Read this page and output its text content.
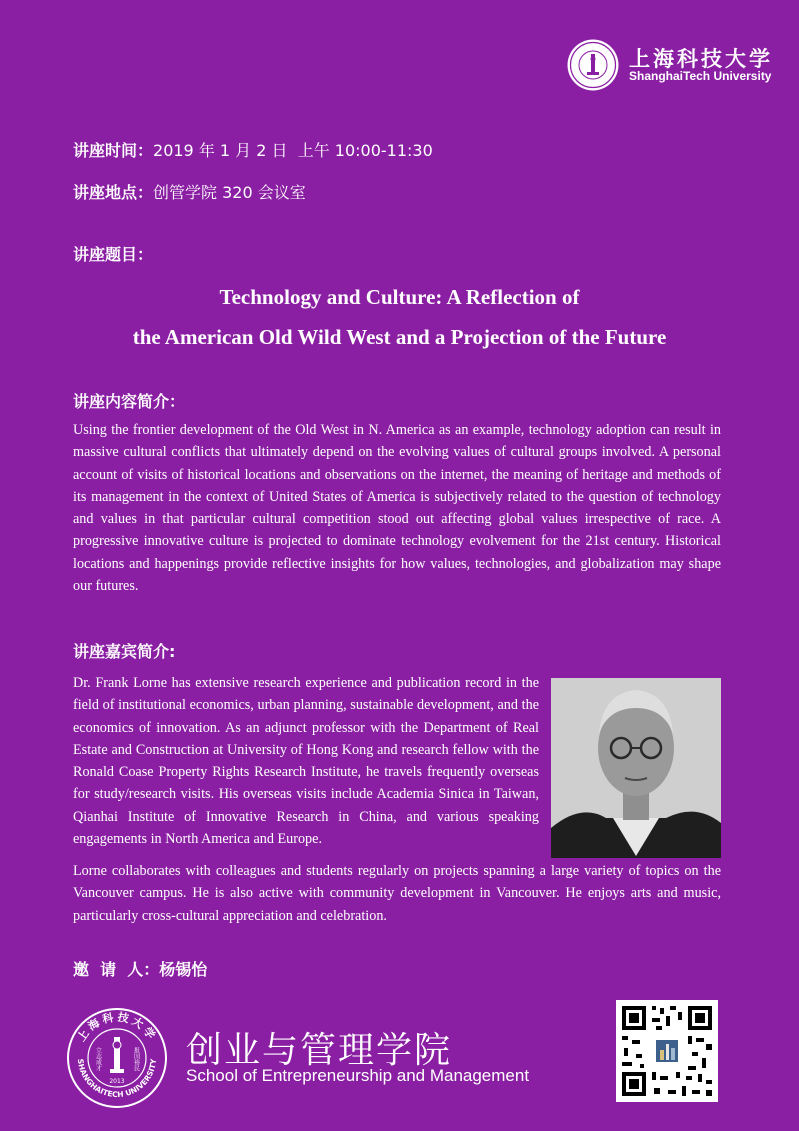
上海科技大学
ShanghaiTech University
讲座时间：2019 年 1 月 2 日  上午 10:00-11:30
讲座地点：创管学院 320 会议室
讲座题目：
Technology and Culture: A Reflection of
the American Old Wild West and a Projection of the Future
讲座内容简介：
Using the frontier development of the Old West in N. America as an example, technology adoption can result in massive cultural conflicts that ultimately depend on the evolving values of cultural groups involved. A personal account of visits of historical locations and observations on the internet, the meaning of heritage and methods of its management in the context of United States of America is subjectively related to the question of technology and values in that particular cultural competition stood out affecting global values irrespective of race. A progressive innovative culture is projected to dominate technology evolvement for the 21st century. Historical locations and happenings provide reflective insights for how values, technologies, and globalization may shape our futures.
讲座嘉宾简介:
Dr. Frank Lorne has extensive research experience and publication record in the field of institutional economics, urban planning, sustainable development, and the economics of innovation. As an adjunct professor with the Department of Real Estate and Construction at University of Hong Kong and research fellow with the Ronald Coase Property Rights Research Institute, he travels frequently overseas for study/research visits. His overseas visits include Academia Sinica in Taiwan, Qianhai Institute of Innovative Research in China, and various speaking engagements in North America and Europe.
Lorne collaborates with colleagues and students regularly on projects spanning a large variety of topics on the Vancouver campus. He is also active with community development in Vancouver. He enjoys arts and music, particularly cross-cultural appreciation and celebration.
邀  请  人：杨锡怡
上海科技大学
SHANGHAITECH UNIVERSITY
立志成才	报国裕民
2013
创业与管理学院
School of Entrepreneurship and Management
